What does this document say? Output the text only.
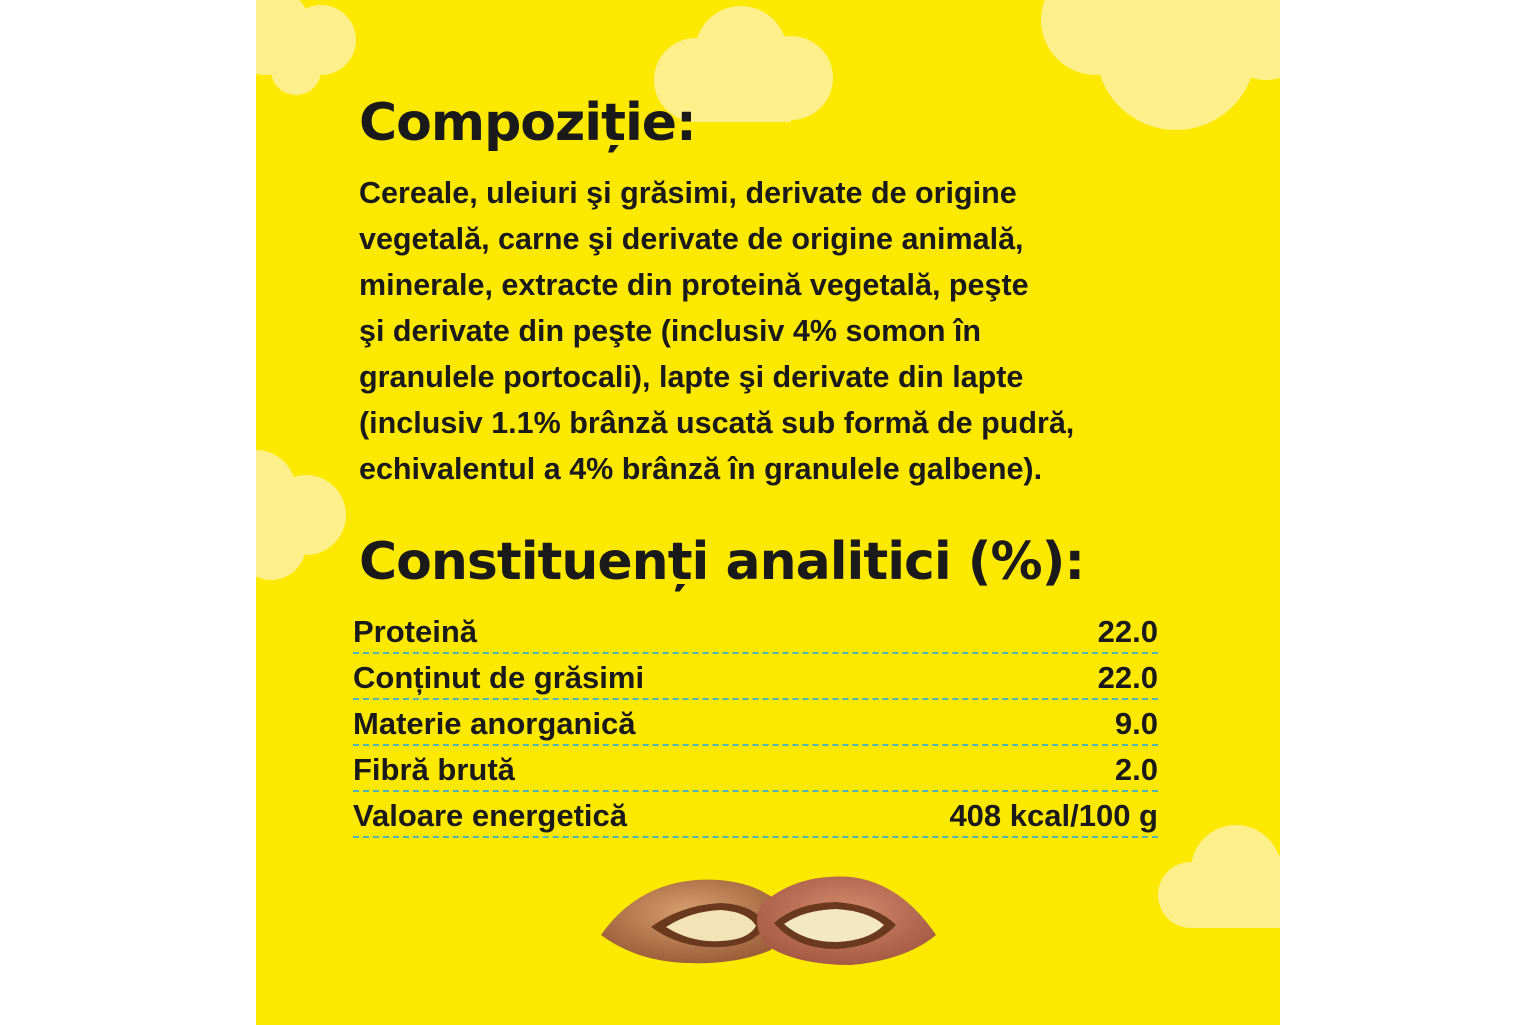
Compoziție:

Cereale, uleiuri şi grăsimi, derivate de origine
vegetală, carne şi derivate de origine animală,
minerale, extracte din proteină vegetală, peşte
şi derivate din peşte (inclusiv 4% somon în
granulele portocali), lapte şi derivate din lapte
(inclusiv 1.1% brânză uscată sub formă de pudră,
echivalentul a 4% brânză în granulele galbene).

Constituenți analitici (%):
Proteină	22.0
Conținut de grăsimi	22.0
Materie anorganică	9.0
Fibră brută	2.0
Valoare energetică	408 kcal/100 g
